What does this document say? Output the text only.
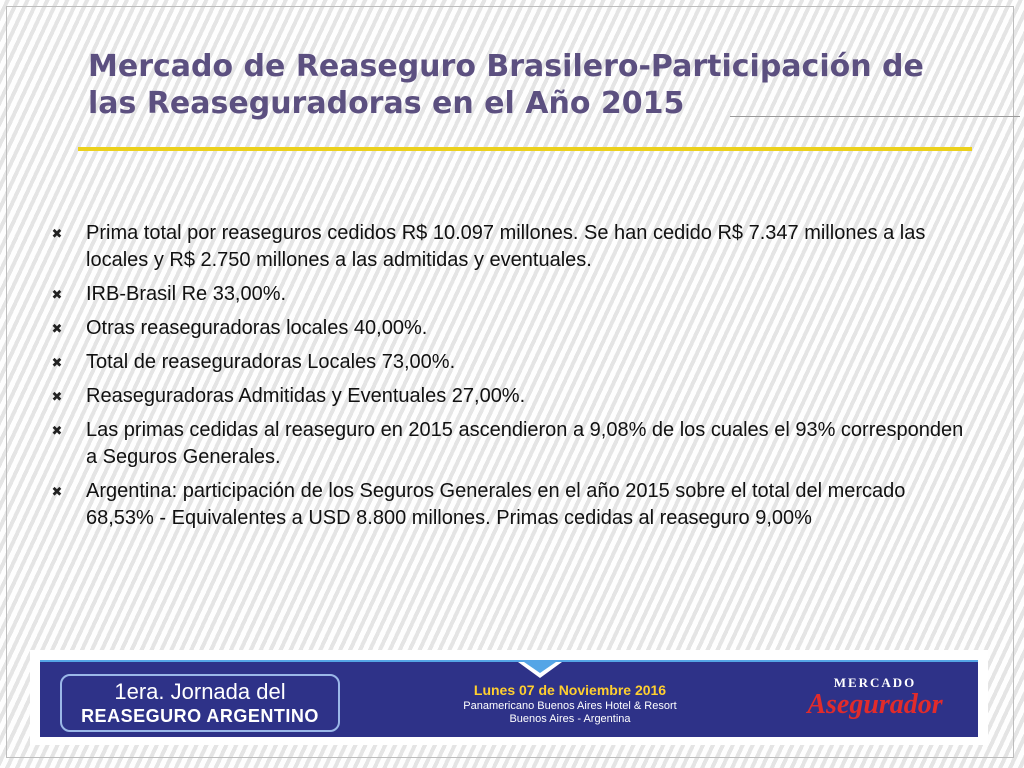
Mercado de Reaseguro Brasilero-Participación de
las Reaseguradoras en el Año 2015
✖ Prima total por reaseguros cedidos R$ 10.097 millones. Se han cedido R$ 7.347 millones a las locales y R$ 2.750 millones a las admitidas y eventuales.
✖ IRB-Brasil Re 33,00%.
✖ Otras reaseguradoras locales 40,00%.
✖ Total de reaseguradoras Locales 73,00%.
✖ Reaseguradoras Admitidas y Eventuales 27,00%.
✖ Las primas cedidas al reaseguro en 2015 ascendieron a 9,08% de los cuales el 93% corresponden a Seguros Generales.
✖ Argentina: participación de los Seguros Generales en el año 2015 sobre el total del mercado 68,53% - Equivalentes a USD 8.800 millones. Primas cedidas al reaseguro 9,00%
1era. Jornada del
REASEGURO ARGENTINO
Lunes 07 de Noviembre 2016
Panamericano Buenos Aires Hotel & Resort
Buenos Aires - Argentina
MERCADO
Asegurador
